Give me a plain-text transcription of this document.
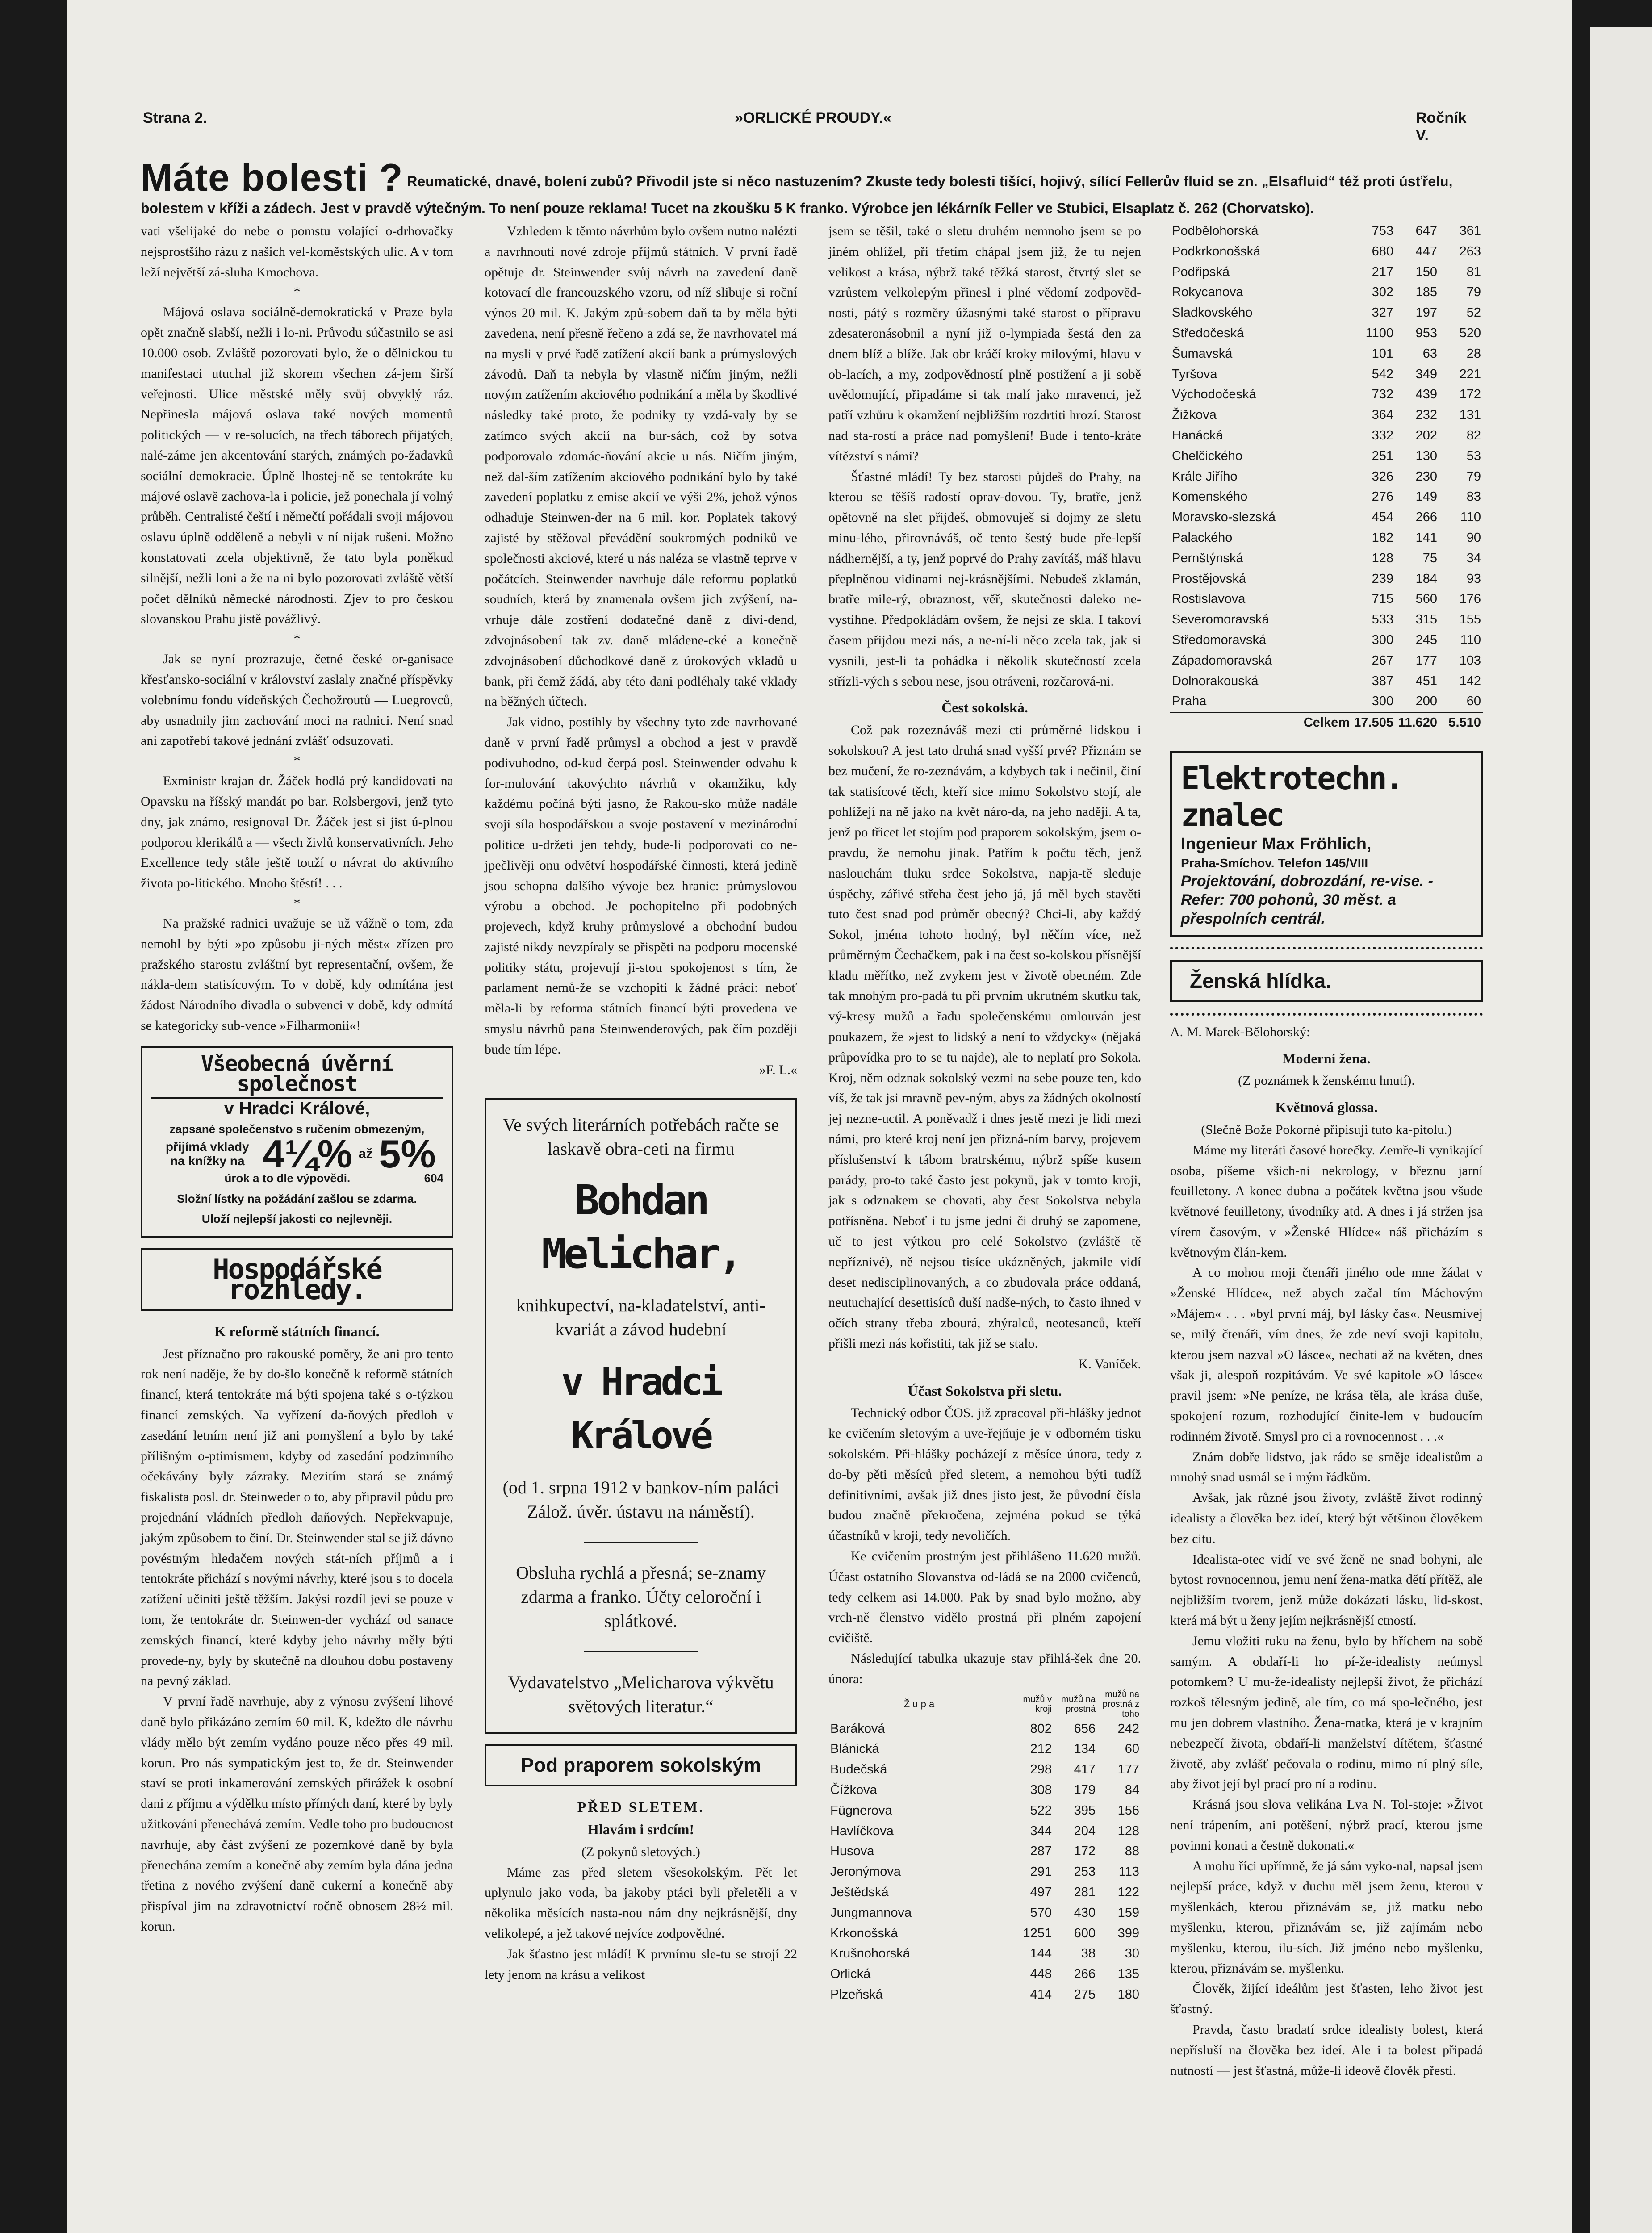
Strana 2.	»ORLICKÉ PROUDY.«	Ročník V.
Máte bolesti ? Reumatické, dnavé, bolení zubů? Přivodil jste si něco nastuzením? Zkuste tedy bolesti tišící, hojivý, sílící Fellerův fluid se zn. „Elsafluid“ též proti úsťřelu, bolestem v kříži a zádech. Jest v pravdě výtečným. To není pouze reklama! Tucet na zkoušku 5 K franko. Výrobce jen lékárník Feller ve Stubici, Elsaplatz č. 262 (Chorvatsko).

vati všelijaké do nebe o pomstu volající o-drhovačky nejsprostšího rázu z našich vel-koměstských ulic. A v tom leží největší zá-sluha Kmochova.

*

Májová oslava sociálně-demokratická v Praze byla opět značně slabší, nežli i lo-ni. Průvodu súčastnilo se asi 10.000 osob. Zvláště pozorovati bylo, že o dělnickou tu manifestaci utuchal již skorem všechen zá-jem širší veřejnosti. Ulice městské měly svůj obvyklý ráz. Nepřinesla májová oslava také nových momentů politických — v re-solucích, na třech táborech přijatých, nalé-záme jen akcentování starých, známých po-žadavků sociální demokracie. Úplně lhostej-ně se tentokráte ku májové oslavě zachova-la i policie, jež ponechala jí volný průběh. Centralisté čeští i němečtí pořádali svoji májovou oslavu úplně odděleně a nebyli v ní nijak rušeni. Možno konstatovati zcela objektivně, že tato byla poněkud silnější, nežli loni a že na ni bylo pozorovati zvláště větší počet dělníků německé národnosti. Zjev to pro českou slovanskou Prahu jistě povážlivý.

*

Jak se nyní prozrazuje, četné české or-ganisace křesťansko-sociální v království zaslaly značné příspěvky volebnímu fondu vídeňských Čechožroutů — Luegrovců, aby usnadnily jim zachování moci na radnici. Není snad ani zapotřebí takové jednání zvlášť odsuzovati.

*

Exministr krajan dr. Žáček hodlá prý kandidovati na Opavsku na říšský mandát po bar. Rolsbergovi, jenž tyto dny, jak známo, resignoval Dr. Žáček jest si jist ú-plnou podporou klerikálů a — všech živlů konservativních. Jeho Excellence tedy ståle ještě touží o návrat do aktivního života po-litického. Mnoho štěstí! . . .

*

Na pražské radnici uvažuje se už vážně o tom, zda nemohl by býti »po způsobu ji-ných měst« zřízen pro pražského starostu zvláštní byt representační, ovšem, že nákla-dem statisícovým. To v době, kdy odmítána jest žádost Národního divadla o subvenci v době, kdy odmítá se kategoricky sub-vence »Filharmonii«!

Všeobecná úvěrní společnost
v Hradci Králové,
zapsané společenstvo s ručením obmezeným,
přijímá vklady na knížky na 4¼% až 5%
úrok a to dle výpovědi.	604
Složní lístky na požádání zašlou se zdarma.
Uloží nejlepší jakosti co nejlevněji.
Hospodářské rozhledy.
K reformě státních financí.

Jest příznačno pro rakouské poměry, že ani pro tento rok není naděje, že by do-šlo konečně k reformě státních financí, která tentokráte má býti spojena také s o-týzkou financí zemských. Na vyřízení da-ňových předloh v zasedání letním není již ani pomyšlení a bylo by také přílišným o-ptimismem, kdyby od zasedání podzimního očekávány byly zázraky. Mezitím stará se známý fiskalista posl. dr. Steinweder o to, aby připravil půdu pro projednání vládních předloh daňových. Nepřekvapuje, jakým způsobem to činí. Dr. Steinwender stal se již dávno povéstným hledačem nových stát-ních příjmů a i tentokráte přichází s novými návrhy, které jsou s to docela zatížení učiniti ještě těžším. Jakýsi rozdíl jevi se pouze v tom, že tentokráte dr. Steinwen-der vychází od sanace zemských financí, které kdyby jeho návrhy měly býti provede-ny, byly by skutečně na dlouhou dobu postaveny na pevný základ.

V první řadě navrhuje, aby z výnosu zvýšení lihové daně bylo přikázáno zemím 60 mil. K, kdežto dle návrhu vlády mělo být zemím vydáno pouze něco přes 49 mil. korun. Pro nás sympatickým jest to, že dr. Steinwender staví se proti inkamerování zemských přirážek k osobní dani z příjmu a výdělku místo přímých daní, které by byly užitkováni přenechává zemím. Vedle toho pro budoucnost navrhuje, aby část zvýšení ze pozemkové daně by byla přenechána zemím a konečně aby zemím byla dána jedna třetina z nového zvýšení daně cukerní a konečně aby přispíval jim na zdravotnictví ročně obnosem 28½ mil. korun.

Vzhledem k těmto návrhům bylo ovšem nutno nalézti a navrhnouti nové zdroje příjmů státních. V první řadě opětuje dr. Steinwender svůj návrh na zavedení daně kotovací dle francouzského vzoru, od níž slibuje si roční výnos 20 mil. K. Jakým způ-sobem daň ta by měla býti zavedena, není přesně řečeno a zdá se, že navrhovatel má na mysli v prvé řadě zatížení akcií bank a průmyslových závodů. Daň ta nebyla by vlastně ničím jiným, nežli novým zatížením akciového podnikání a měla by škodlivé následky také proto, že podniky ty vzdá-valy by se zatímco svých akcií na bur-sách, což by sotva podporovalo zdomác-ňování akcie u nás. Ničím jiným, než dal-ším zatížením akciového podnikání bylo by také zavedení poplatku z emise akcií ve výši 2%, jehož výnos odhaduje Steinwen-der na 6 mil. kor. Poplatek takový zajisté by stěžoval převádění soukromých podniků ve společnosti akciové, které u nás naléza se vlastně teprve v počátcích. Steinwender navrhuje dále reformu poplatků soudních, která by znamenala ovšem jich zvýšení, na-vrhuje dále zostření dodatečné daně z divi-dend, zdvojnásobení tak zv. daně mládene-cké a konečně zdvojnásobení důchodkové daně z úrokových vkladů u bank, při čemž žádá, aby této dani podléhaly také vklady na běžných účtech.

Jak vidno, postihly by všechny tyto zde navrhované daně v první řadě průmysl a obchod a jest v pravdě podivuhodno, od-kud čerpá posl. Steinwender odvahu k for-mulování takovýchto návrhů v okamžiku, kdy každému počíná býti jasno, že Rakou-sko může nadále svoji síla hospodářskou a svoje postavení v mezinárodní politice u-držeti jen tehdy, bude-li podporovati co ne-jpečlivěji onu odvětví hospodářské činnosti, která jedině jsou schopna dalšího vývoje bez hranic: průmyslovou výrobu a obchod. Je pochopitelno při podobných projevech, když kruhy průmyslové a obchodní budou zajisté nikdy nevzpíraly se přispěti na podporu mocenské politiky státu, projevují ji-stou spokojenost s tím, že parlament nemů-že se vzchopiti k žádné práci: neboť měla-li by reforma státních financí býti provedena ve smyslu návrhů pana Steinwenderových, pak čím později bude tím lépe.

»F. L.«
Ve svých literárních potřebách račte se laskavě obra-ceti na firmu
Bohdan Melichar,
knihkupectví, na-kladatelství, anti-kvariát a závod hudební
v Hradci Králové
(od 1. srpna 1912 v bankov-ním paláci Zálož. úvěr. ústavu na náměstí).
Obsluha rychlá a přesná; se-znamy zdarma a franko. Účty celoroční i splátkové.
Vydavatelstvo „Melicharova výkvětu světových literatur.“
Pod praporem sokolským
PŘED SLETEM.
Hlavám i srdcím!
(Z pokynů sletových.)

Máme zas před sletem všesokolským. Pět let uplynulo jako voda, ba jakoby ptáci byli přeletěli a v několika měsících nasta-nou nám dny nejkrásnější, dny velikolepé, a jež takové nejvíce zodpovědné.

Jak šťastno jest mládí! K prvnímu sle-tu se strojí 22 lety jenom na krásu a velikost

jsem se těšil, také o sletu druhém nemnoho jsem se po jiném ohlížel, při třetím chápal jsem již, že tu nejen velikost a krása, nýbrž také těžká starost, čtvrtý slet se vzrůstem velkolepým přinesl i plné vědomí zodpověd-nosti, pátý s rozměry úžasnými také starost o přípravu zdesateronásobnil a nyní již o-lympiada šestá den za dnem blíž a blíže. Jak obr kráčí kroky milovými, hlavu v ob-lacích, a my, zodpovědností plně postižení a ji sobě uvědomující, připadáme si tak malí jako mravenci, jež patří vzhůru k okamžení nejbližším rozdrtiti hrozí. Starost nad sta-rostí a práce nad pomyšlení! Bude i tento-kráte vítězství s námi?

Šťastné mládí! Ty bez starosti půjdeš do Prahy, na kterou se těšíš radostí oprav-dovou. Ty, bratře, jenž opětovně na slet přijdeš, obmovuješ si dojmy ze sletu minu-lého, přirovnáváš, oč tento šestý bude pře-lepší nádhernější, a ty, jenž poprvé do Prahy zavítáš, máš hlavu přeplněnou vidinami nej-krásnějšími. Nebudeš zklamán, bratře mile-rý, obraznost, věř, skutečnosti daleko ne-vystihne. Předpokládám ovšem, že nejsi ze skla. I takoví časem přijdou mezi nás, a ne-ní-li něco zcela tak, jak si vysnili, jest-li ta pohádka i několik skutečností zcela střízli-vých s sebou nese, jsou otráveni, rozčarová-ni.

Čest sokolská.

Což pak rozeznáváš mezi cti průměrné lidskou i sokolskou? A jest tato druhá snad vyšší prvé? Přiznám se bez mučení, že ro-zeznávám, a kdybych tak i nečinil, činí tak statisícové těch, kteří sice mimo Sokolstvo stojí, ale pohlížejí na ně jako na květ náro-da, na jeho naději. A ta, jenž po třicet let stojím pod praporem sokolským, jsem o-pravdu, že nemohu jinak. Patřím k počtu těch, jenž naslouchám tluku srdce Sokolstva, napja-tě sleduje úspěchy, zářivé střeha čest jeho já, já měl bych stavěti tuto čest snad pod průměr obecný? Chci-li, aby každý Sokol, jména tohoto hodný, byl něčím více, než průměrným Čechačkem, pak i na čest so-kolskou přísnější kladu měřítko, než zvykem jest v životě obecném. Zde tak mnohým pro-padá tu při prvním ukrutném skutku tak, vý-kresy mužů a řadu společenskému omlouván jest poukazem, že »jest to lidský a není to vždycky« (nějaká průpovídka pro to se tu najde), ale to neplatí pro Sokola. Kroj, něm odznak sokolský vezmi na sebe pouze ten, kdo víš, že tak jsi mravně pev-ným, abys za žádných okolností jej nezne-uctil. A poněvadž i dnes jestě mezi je lidi mezi námi, pro které kroj není jen přizná-ním barvy, projevem příslušenství k tábom bratrskému, nýbrž spíše kusem parády, pro-to také často jest pokynů, jak v tomto kroji, jak s odznakem se chovati, aby čest Sokolstva nebyla potřísněna. Neboť i tu jsme jedni či druhý se zapomene, uč to jest výtkou pro celé Sokolstvo (zvláště tě nepříznivé), ně nejsou tisíce ukázněných, jakmile vidí deset nedisciplinovaných, a co zbudovala práce oddaná, neutuchající desettisíců duší nadše-ných, to často ihned v očích strany třeba zbourá, zhýralců, neotesanců, kteří přišli mezi nás kořistiti, tak již se stalo.

K. Vaníček.
Účast Sokolstva při sletu.

Technický odbor ČOS. již zpracoval při-hlášky jednot ke cvičením sletovým a uve-řejňuje je v odborném tisku sokolském. Při-hlášky pocházejí z měsíce února, tedy z do-by pěti měsíců před sletem, a nemohou býti tudíž definitivními, avšak již dnes jisto jest, že původní čísla budou značně překročena, zejména pokud se týká účastníků v kroji, tedy nevoličích.

Ke cvičením prostným jest přihlášeno 11.620 mužů. Účast ostatního Slovanstva od-ládá se na 2000 cvičenců, tedy celkem asi 14.000. Pak by snad bylo možno, aby vrch-ně členstvo vidělo prostná při plném zapojení cvičiště.

Následující tabulka ukazuje stav přihlá-šek dne 20. února:

Ž u p a	mužů v kroji	mužů na prostná	mužů na prostná z toho
Baráková	802	656	242
Blánická	212	134	60
Budečská	298	417	177
Čížkova	308	179	84
Fügnerova	522	395	156
Havlíčkova	344	204	128
Husova	287	172	88
Jeronýmova	291	253	113
Ještědská	497	281	122
Jungmannova	570	430	159
Krkonošská	1251	600	399
Krušnohorská	144	38	30
Orlická	448	266	135
Plzeňská	414	275	180
Podbělohorská	753	647	361
Podkrkonošská	680	447	263
Podřipská	217	150	81
Rokycanova	302	185	79
Sladkovského	327	197	52
Středočeská	1100	953	520
Šumavská	101	63	28
Tyršova	542	349	221
Východočeská	732	439	172
Žižkova	364	232	131
Hanácká	332	202	82
Chelčického	251	130	53
Krále Jiřího	326	230	79
Komenského	276	149	83
Moravsko-slezská	454	266	110
Palackého	182	141	90
Pernštýnská	128	75	34
Prostějovská	239	184	93
Rostislavova	715	560	176
Severomoravská	533	315	155
Středomoravská	300	245	110
Západomoravská	267	177	103
Dolnorakouská	387	451	142
Praha	300	200	60
Celkem	17.505	11.620	5.510
Elektrotechn. znalec
Ingenieur Max Fröhlich,
Praha-Smíchov. Telefon 145/VIII
Projektování, dobrozdání, re-vise. - Refer: 700 pohonů, 30 měst. a přespolních centrál.
Ženská hlídka.

A. M. Marek-Bělohorský:

Moderní žena.
(Z poznámek k ženskému hnutí).
Květnová glossa.
(Slečně Bože Pokorné připisuji tuto ka-pitolu.)

Máme my literáti časové horečky. Zemře-li vynikající osoba, píšeme všich-ni nekrology, v březnu jarní feuilletony. A konec dubna a počátek května jsou všude květnové feuilletony, úvodníky atd. A dnes i já stržen jsa vírem časovým, v »Ženské Hlídce« náš přicházím s květnovým člán-kem.

A co mohou moji čtenáři jiného ode mne žádat v »Ženské Hlídce«, než abych začal tím Máchovým »Májem« . . . »byl první máj, byl lásky čas«. Neusmívej se, milý čtenáři, vím dnes, že zde neví svoji kapitolu, kterou jsem nazval »O lásce«, nechati až na květen, dnes však ji, alespoň rozpitávám. Ve své kapitole »O lásce« pravil jsem: »Ne peníze, ne krása těla, ale krása duše, spokojení rozum, rozhodující činite-lem v budoucím rodinném životě. Smysl pro ci a rovnocennost . . .«

Znám dobře lidstvo, jak rádo se směje idealistům a mnohý snad usmál se i mým řádkům.

Avšak, jak různé jsou životy, zvláště život rodinný idealisty a člověka bez ideí, který být většinou člověkem bez citu.

Idealista-otec vidí ve své ženě ne snad bohyni, ale bytost rovnocennou, jemu není žena-matka dětí přítěž, ale nejbližším tvorem, jenž může dokázati lásku, lid-skost, která má být u ženy jejím nejkrásnější ctností.

Jemu vložiti ruku na ženu, bylo by hříchem na sobě samým. A obdaří-li ho pí-že-idealisty neúmysl potomkem? U mu-že-idealisty nejlepší život, že přichází rozkoš tělesným jedině, ale tím, co má spo-lečného, jest mu jen dobrem vlastního. Žena-matka, která je v krajním nebezpečí života, obdaří-li manželství dítětem, šťastné životě, aby zvlášť pečovala o rodinu, mimo ní plný síle, aby život její byl prací pro ní a rodinu.

Krásná jsou slova velikána Lva N. Tol-stoje: »Život není trápením, ani potěšení, nýbrž prací, kterou jsme povinni konati a čestně dokonati.«

A mohu říci upřímně, že já sám vyko-nal, napsal jsem nejlepší práce, když v duchu měl jsem ženu, kterou v myšlenkách, kterou přiznávám se, již matku nebo myšlenku, kterou, přiznávám se, již zajímám nebo myšlenku, kterou, ilu-sích. Již jméno nebo myšlenku, kterou, přiznávám se, myšlenku.

Člověk, žijící ideálům jest šťasten, leho život jest šťastný.

Pravda, často bradatí srdce idealisty bolest, která nepřísluší na člověka bez ideí. Ale i ta bolest připadá nutností — jest šťastná, může-li ideově člověk přesti.
